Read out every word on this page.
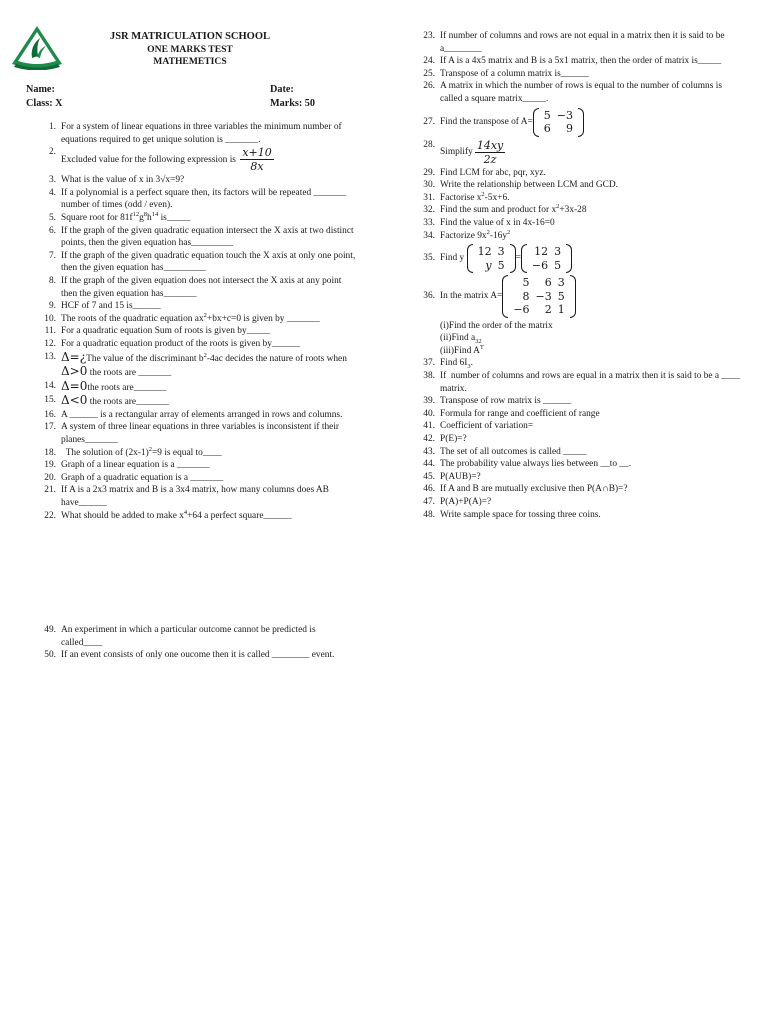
JSR MATRICULATION SCHOOL
ONE MARKS TEST
MATHEMETICS
Name:	Date:
Class: X	Marks: 50
1. For a system of linear equations in three variables the minimum number of equations required to get unique solution is _______.
2.
Excluded value for the following expression is $\frac{x+10}{8x}$
3. What is the value of x in 3√x=9?
4. If a polynomial is a perfect square then, its factors will be repeated _______ number of times (odd / even).
5. Square root for $81f^{12}g^8h^{14}$ is_____
6. If the graph of the given quadratic equation intersect the X axis at two distinct points, then the given equation has_________
7. If the graph of the given quadratic equation touch the X axis at only one point, then the given equation has_________
8. If the graph of the given equation does not intersect the X axis at any point then the given equation has_______
9. HCF of 7 and 15 is______
10. The roots of the quadratic equation $ax^2+bx+c=0$ is given by _______
11. For a quadratic equation Sum of roots is given by_____
12. For a quadratic equation product of the roots is given by______
13. Δ=¿The value of the discriminant $b^2-4ac$ decides the nature of roots when Δ>0 the roots are _______
14. Δ=0the roots are_______
15. Δ<0 the roots are_______
16. A ______ is a rectangular array of elements arranged in rows and columns.
17. A system of three linear equations in three variables is inconsistent if their planes_______
18. The solution of $(2x-1)^2=9$ is equal to____
19. Graph of a linear equation is a _______
20. Graph of a quadratic equation is a _______
21. If A is a 2x3 matrix and B is a 3x4 matrix, how many columns does AB have______
22. What should be added to make $x^4+64$ a perfect square______
49. An experiment in which a particular outcome cannot be predicted is called____
50. If an event consists of only one oucome then it is called ________ event.
23. If number of columns and rows are not equal in a matrix then it is said to be a________
24. If A is a 4x5 matrix and B is a 5x1 matrix, then the order of matrix is_____
25. Transpose of a column matrix is______
26. A matrix in which the number of rows is equal to the number of columns is called a square matrix_____.
27. Find the transpose of A=
5	−3
6	9
28.
Simplify $\frac{14xy}{2z}$
29. Find LCM for abc, pqr, xyz.
30. Write the relationship between LCM and GCD.
31. Factorise $x^2-5x+6$.
32. Find the sum and product for $x^2+3x-28$
33. Find the value of x in 4x-16=0
34. Factorize $9x^2-16y^2$
35. Find y
12	3
y	5
=
12	3
−6	5
36. In the matrix A=
5	6	3
8	−3	5
−6	2	1
(i)Find the order of the matrix
(ii)Find $a_{32}$
(iii)Find $A^T$
37. Find $6I_3$.
38. If  number of columns and rows are equal in a matrix then it is said to be a ____ matrix.
39. Transpose of row matrix is ______
40. Formula for range and coefficient of range
41. Coefficient of variation=
42. P(E)=?
43. The set of all outcomes is called _____
44. The probability value always lies between __to __.
45. P(AUB)=?
46. If A and B are mutually exclusive then P(A∩B)=?
47. P(A)+P(A)=?
48. Write sample space for tossing three coins.
